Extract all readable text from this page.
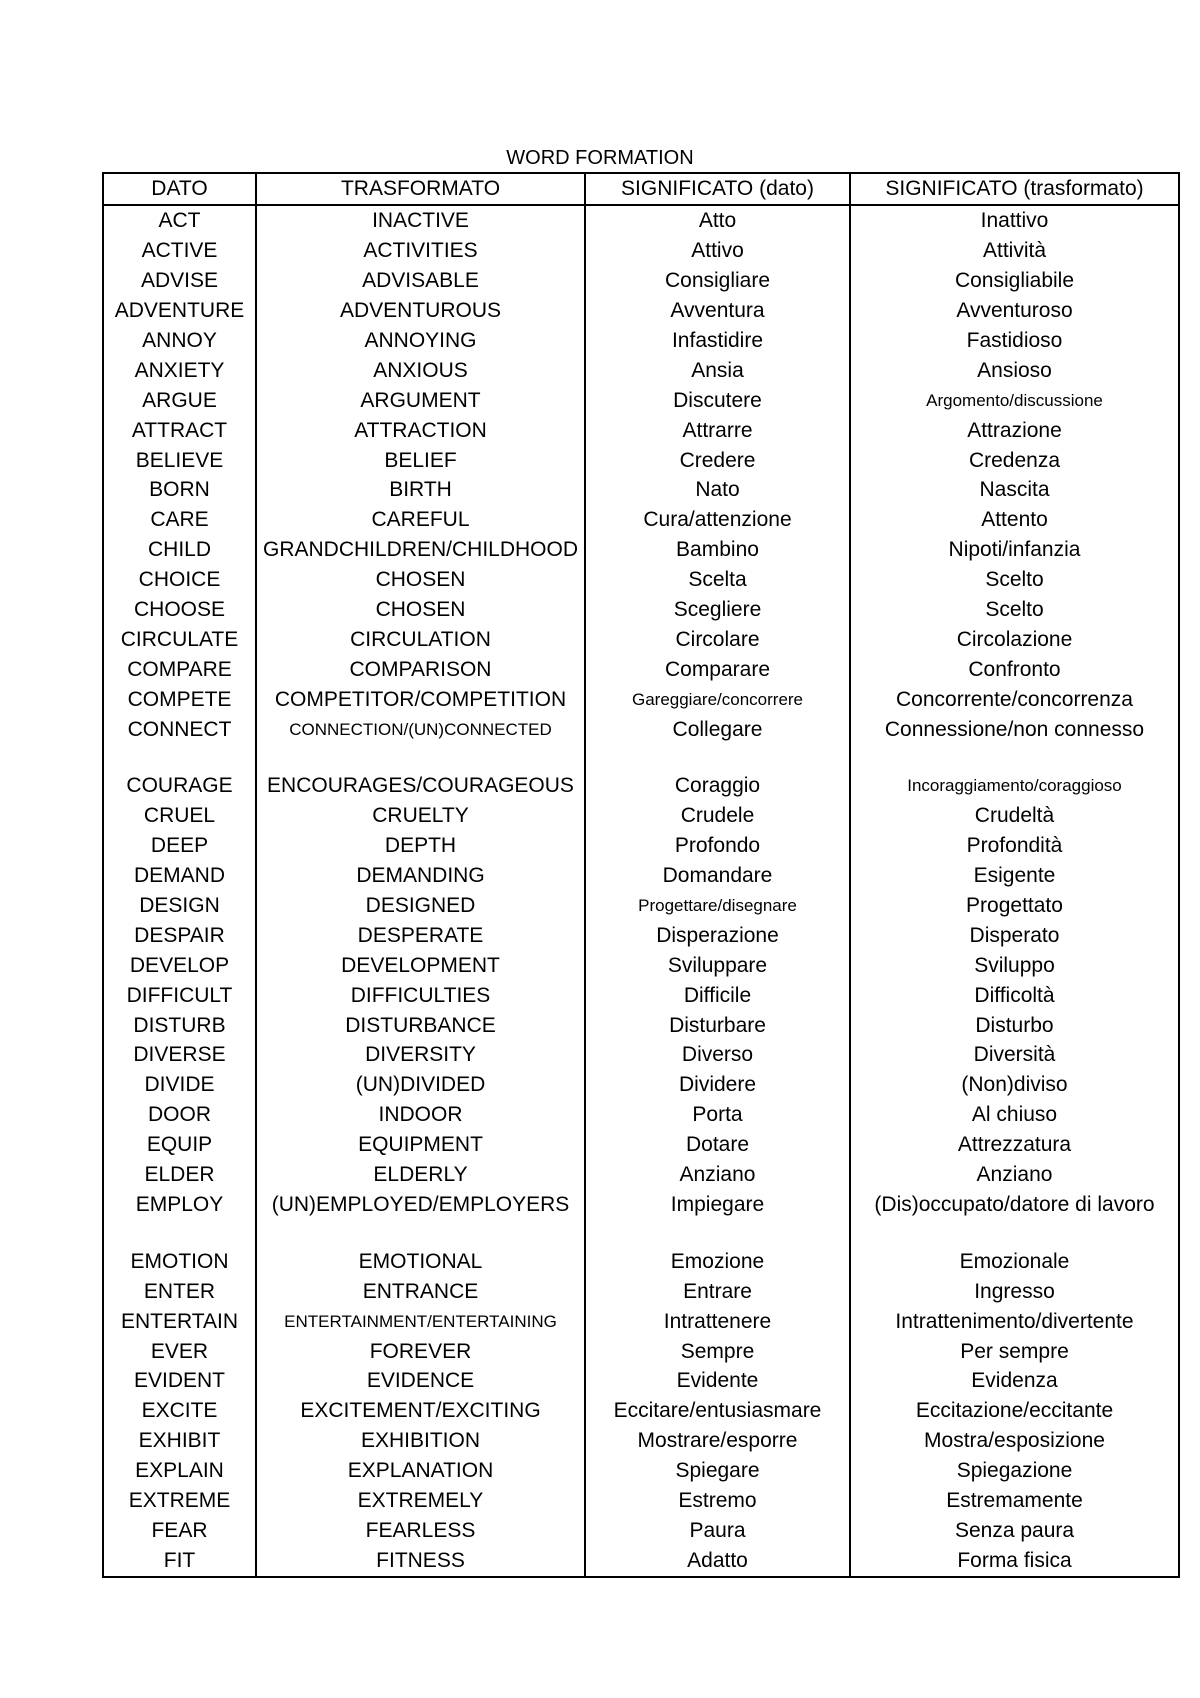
WORD FORMATION
DATO	TRASFORMATO	SIGNIFICATO (dato)	SIGNIFICATO (trasformato)
ACT	INACTIVE	Atto	Inattivo
ACTIVE	ACTIVITIES	Attivo	Attività
ADVISE	ADVISABLE	Consigliare	Consigliabile
ADVENTURE	ADVENTUROUS	Avventura	Avventuroso
ANNOY	ANNOYING	Infastidire	Fastidioso
ANXIETY	ANXIOUS	Ansia	Ansioso
ARGUE	ARGUMENT	Discutere	Argomento/discussione
ATTRACT	ATTRACTION	Attrarre	Attrazione
BELIEVE	BELIEF	Credere	Credenza
BORN	BIRTH	Nato	Nascita
CARE	CAREFUL	Cura/attenzione	Attento
CHILD	GRANDCHILDREN/CHILDHOOD	Bambino	Nipoti/infanzia
CHOICE	CHOSEN	Scelta	Scelto
CHOOSE	CHOSEN	Scegliere	Scelto
CIRCULATE	CIRCULATION	Circolare	Circolazione
COMPARE	COMPARISON	Comparare	Confronto
COMPETE	COMPETITOR/COMPETITION	Gareggiare/concorrere	Concorrente/concorrenza
CONNECT	CONNECTION/(UN)CONNECTED	Collegare	Connessione/non connesso

COURAGE	ENCOURAGES/COURAGEOUS	Coraggio	Incoraggiamento/coraggioso
CRUEL	CRUELTY	Crudele	Crudeltà
DEEP	DEPTH	Profondo	Profondità
DEMAND	DEMANDING	Domandare	Esigente
DESIGN	DESIGNED	Progettare/disegnare	Progettato
DESPAIR	DESPERATE	Disperazione	Disperato
DEVELOP	DEVELOPMENT	Sviluppare	Sviluppo
DIFFICULT	DIFFICULTIES	Difficile	Difficoltà
DISTURB	DISTURBANCE	Disturbare	Disturbo
DIVERSE	DIVERSITY	Diverso	Diversità
DIVIDE	(UN)DIVIDED	Dividere	(Non)diviso
DOOR	INDOOR	Porta	Al chiuso
EQUIP	EQUIPMENT	Dotare	Attrezzatura
ELDER	ELDERLY	Anziano	Anziano
EMPLOY	(UN)EMPLOYED/EMPLOYERS	Impiegare	(Dis)occupato/datore di lavoro

EMOTION	EMOTIONAL	Emozione	Emozionale
ENTER	ENTRANCE	Entrare	Ingresso
ENTERTAIN	ENTERTAINMENT/ENTERTAINING	Intrattenere	Intrattenimento/divertente
EVER	FOREVER	Sempre	Per sempre
EVIDENT	EVIDENCE	Evidente	Evidenza
EXCITE	EXCITEMENT/EXCITING	Eccitare/entusiasmare	Eccitazione/eccitante
EXHIBIT	EXHIBITION	Mostrare/esporre	Mostra/esposizione
EXPLAIN	EXPLANATION	Spiegare	Spiegazione
EXTREME	EXTREMELY	Estremo	Estremamente
FEAR	FEARLESS	Paura	Senza paura
FIT	FITNESS	Adatto	Forma fisica
